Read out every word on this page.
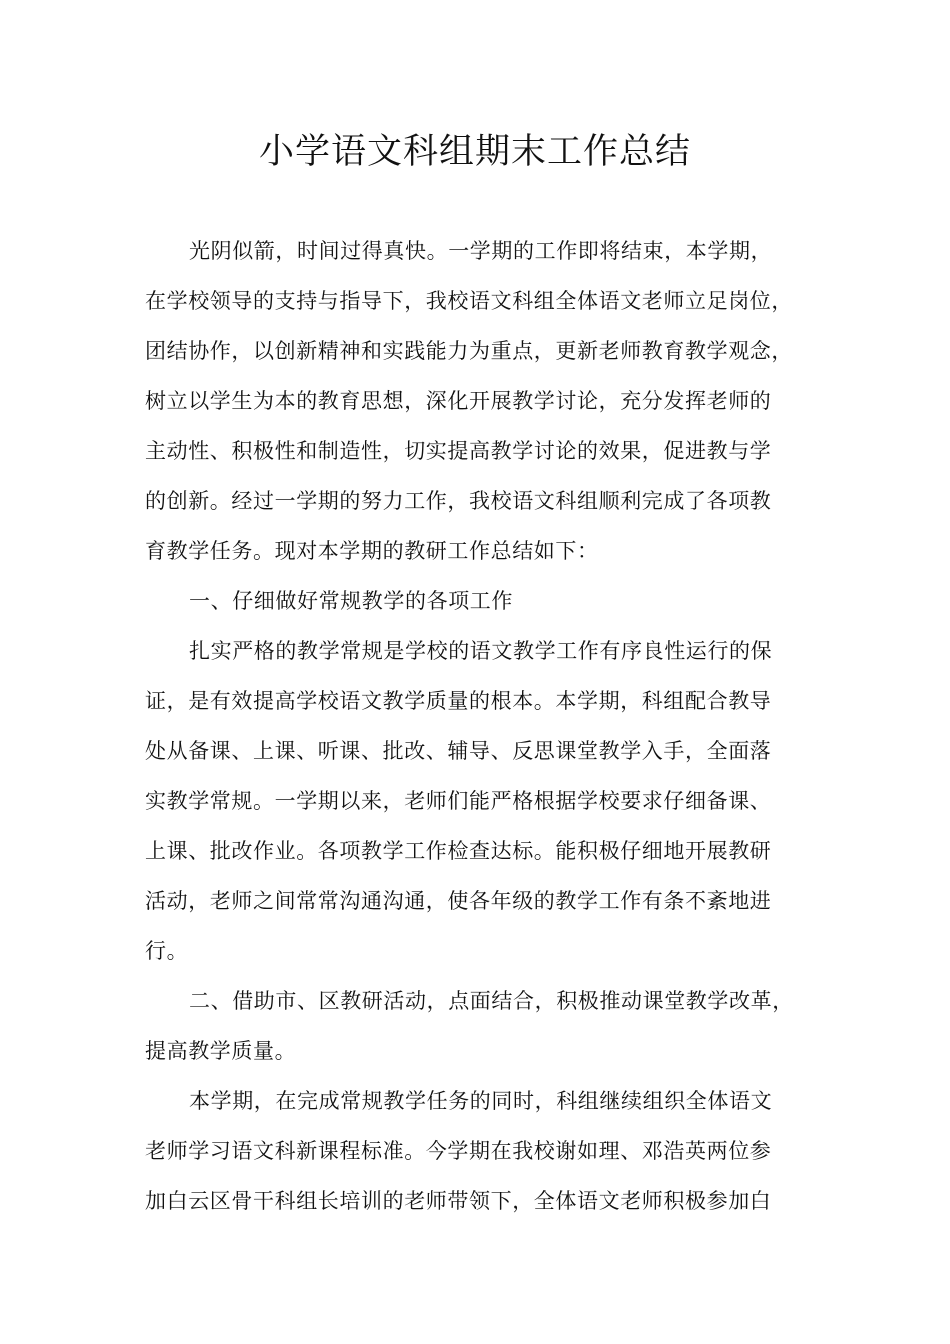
小学语文科组期末工作总结
光阴似箭，时间过得真快。一学期的工作即将结束，本学期，
在学校领导的支持与指导下，我校语文科组全体语文老师立足岗位，
团结协作，以创新精神和实践能力为重点，更新老师教育教学观念，
树立以学生为本的教育思想，深化开展教学讨论，充分发挥老师的
主动性、积极性和制造性，切实提高教学讨论的效果，促进教与学
的创新。经过一学期的努力工作，我校语文科组顺利完成了各项教
育教学任务。现对本学期的教研工作总结如下：
一、仔细做好常规教学的各项工作
扎实严格的教学常规是学校的语文教学工作有序良性运行的保
证，是有效提高学校语文教学质量的根本。本学期，科组配合教导
处从备课、上课、听课、批改、辅导、反思课堂教学入手，全面落
实教学常规。一学期以来，老师们能严格根据学校要求仔细备课、
上课、批改作业。各项教学工作检查达标。能积极仔细地开展教研
活动，老师之间常常沟通沟通，使各年级的教学工作有条不紊地进
行。
二、借助市、区教研活动，点面结合，积极推动课堂教学改革，
提高教学质量。
本学期，在完成常规教学任务的同时，科组继续组织全体语文
老师学习语文科新课程标准。今学期在我校谢如理、邓浩英两位参
加白云区骨干科组长培训的老师带领下，全体语文老师积极参加白
